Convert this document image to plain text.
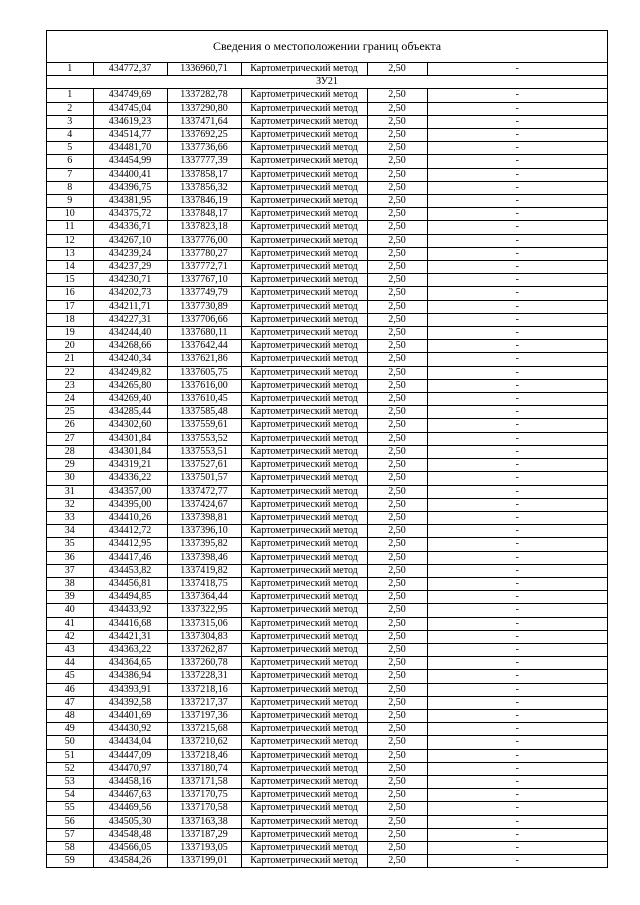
Сведения о местоположении границ объекта
1	434772,37	1336960,71	Картометрический метод	2,50	-
ЗУ21					
1	434749,69	1337282,78	Картометрический метод	2,50	-
2	434745,04	1337290,80	Картометрический метод	2,50	-
3	434619,23	1337471,64	Картометрический метод	2,50	-
4	434514,77	1337692,25	Картометрический метод	2,50	-
5	434481,70	1337736,66	Картометрический метод	2,50	-
6	434454,99	1337777,39	Картометрический метод	2,50	-
7	434400,41	1337858,17	Картометрический метод	2,50	-
8	434396,75	1337856,32	Картометрический метод	2,50	-
9	434381,95	1337846,19	Картометрический метод	2,50	-
10	434375,72	1337848,17	Картометрический метод	2,50	-
11	434336,71	1337823,18	Картометрический метод	2,50	-
12	434267,10	1337776,00	Картометрический метод	2,50	-
13	434239,24	1337780,27	Картометрический метод	2,50	-
14	434237,29	1337772,71	Картометрический метод	2,50	-
15	434230,71	1337767,10	Картометрический метод	2,50	-
16	434202,73	1337749,79	Картометрический метод	2,50	-
17	434211,71	1337730,89	Картометрический метод	2,50	-
18	434227,31	1337706,66	Картометрический метод	2,50	-
19	434244,40	1337680,11	Картометрический метод	2,50	-
20	434268,66	1337642,44	Картометрический метод	2,50	-
21	434240,34	1337621,86	Картометрический метод	2,50	-
22	434249,82	1337605,75	Картометрический метод	2,50	-
23	434265,80	1337616,00	Картометрический метод	2,50	-
24	434269,40	1337610,45	Картометрический метод	2,50	-
25	434285,44	1337585,48	Картометрический метод	2,50	-
26	434302,60	1337559,61	Картометрический метод	2,50	-
27	434301,84	1337553,52	Картометрический метод	2,50	-
28	434301,84	1337553,51	Картометрический метод	2,50	-
29	434319,21	1337527,61	Картометрический метод	2,50	-
30	434336,22	1337501,57	Картометрический метод	2,50	-
31	434357,00	1337472,77	Картометрический метод	2,50	-
32	434395,00	1337424,67	Картометрический метод	2,50	-
33	434410,26	1337398,81	Картометрический метод	2,50	-
34	434412,72	1337396,10	Картометрический метод	2,50	-
35	434412,95	1337395,82	Картометрический метод	2,50	-
36	434417,46	1337398,46	Картометрический метод	2,50	-
37	434453,82	1337419,82	Картометрический метод	2,50	-
38	434456,81	1337418,75	Картометрический метод	2,50	-
39	434494,85	1337364,44	Картометрический метод	2,50	-
40	434433,92	1337322,95	Картометрический метод	2,50	-
41	434416,68	1337315,06	Картометрический метод	2,50	-
42	434421,31	1337304,83	Картометрический метод	2,50	-
43	434363,22	1337262,87	Картометрический метод	2,50	-
44	434364,65	1337260,78	Картометрический метод	2,50	-
45	434386,94	1337228,31	Картометрический метод	2,50	-
46	434393,91	1337218,16	Картометрический метод	2,50	-
47	434392,58	1337217,37	Картометрический метод	2,50	-
48	434401,69	1337197,36	Картометрический метод	2,50	-
49	434430,92	1337215,68	Картометрический метод	2,50	-
50	434434,04	1337210,62	Картометрический метод	2,50	-
51	434447,09	1337218,46	Картометрический метод	2,50	-
52	434470,97	1337180,74	Картометрический метод	2,50	-
53	434458,16	1337171,58	Картометрический метод	2,50	-
54	434467,63	1337170,75	Картометрический метод	2,50	-
55	434469,56	1337170,58	Картометрический метод	2,50	-
56	434505,30	1337163,38	Картометрический метод	2,50	-
57	434548,48	1337187,29	Картометрический метод	2,50	-
58	434566,05	1337193,05	Картометрический метод	2,50	-
59	434584,26	1337199,01	Картометрический метод	2,50	-
